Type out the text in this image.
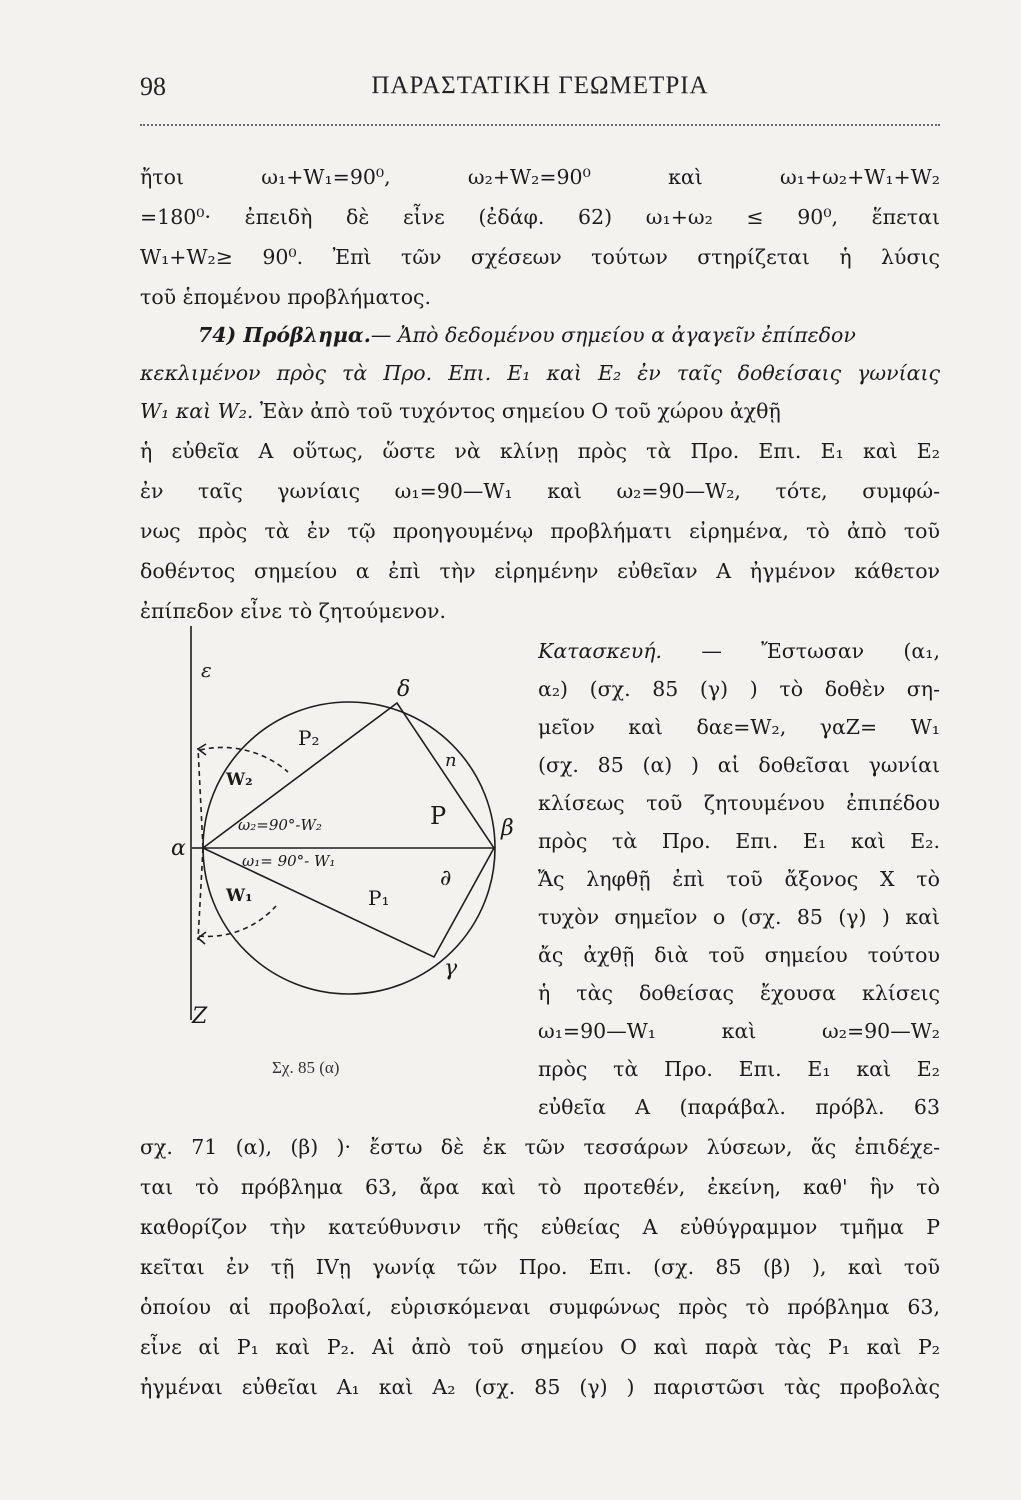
98	ΠΑΡΑΣΤΑΤΙΚΗ ΓΕΩΜΕΤΡΙΑ
ἤτοι ω₁+W₁=90⁰, ω₂+W₂=90⁰ καὶ ω₁+ω₂+W₁+W₂
=180⁰· ἐπειδὴ δὲ εἶνε (ἐδάφ. 62) ω₁+ω₂ ≤ 90⁰, ἕπεται
W₁+W₂≥ 90⁰. Ἐπὶ τῶν σχέσεων τούτων στηρίζεται ἡ λύσις
τοῦ ἑπομένου προβλήματος.
74) Πρόβλημα.— Ἀπὸ δεδομένου σημείου α ἀγαγεῖν ἐπίπεδον
κεκλιμένον πρὸς τὰ Προ. Επι. E₁ καὶ E₂ ἐν ταῖς δοθείσαις γωνίαις
W₁ καὶ W₂. Ἐὰν ἀπὸ τοῦ τυχόντος σημείου Ο τοῦ χώρου ἀχθῇ
ἡ εὐθεῖα Α οὕτως, ὥστε νὰ κλίνῃ πρὸς τὰ Προ. Επι. E₁ καὶ E₂
ἐν ταῖς γωνίαις ω₁=90—W₁ καὶ ω₂=90—W₂, τότε, συμφώ-
νως πρὸς τὰ ἐν τῷ προηγουμένῳ προβλήματι εἰρημένα, τὸ ἀπὸ τοῦ
δοθέντος σημείου α ἐπὶ τὴν εἰρημένην εὐθεῖαν Α ἠγμένον κάθετον
ἐπίπεδον εἶνε τὸ ζητούμενον.
Κατασκευή. — Ἔστωσαν (α₁,
α₂) (σχ. 85 (γ) ) τὸ δοθὲν ση-
μεῖον καὶ δαε=W₂, γαZ= W₁
(σχ. 85 (α) ) αἱ δοθεῖσαι γωνίαι
κλίσεως τοῦ ζητουμένου ἐπιπέδου
πρὸς τὰ Προ. Επι. E₁ καὶ E₂.
Ἄς ληφθῇ ἐπὶ τοῦ ἄξονος Χ τὸ
τυχὸν σημεῖον ο (σχ. 85 (γ) ) καὶ
ἄς ἀχθῇ διὰ τοῦ σημείου τούτου
ἡ τὰς δοθείσας ἔχουσα κλίσεις
ω₁=90—W₁ καὶ ω₂=90—W₂
πρὸς τὰ Προ. Επι. E₁ καὶ E₂
εὐθεῖα Α (παράβαλ. πρόβλ. 63
ε
Z
α
δ
β
γ
P
P₂
P₁
n
∂
W₂
W₁
ω₂=90°-W₂
ω₁= 90°- W₁
Σχ. 85 (α)
σχ. 71 (α), (β) )· ἔστω δὲ ἐκ τῶν τεσσάρων λύσεων, ἅς ἐπιδέχε-
ται τὸ πρόβλημα 63, ἄρα καὶ τὸ προτεθέν, ἐκείνη, καθ' ἣν τὸ
καθορίζον τὴν κατεύθυνσιν τῆς εὐθείας Α εὐθύγραμμον τμῆμα P
κεῖται ἐν τῇ IVῃ γωνίᾳ τῶν Προ. Επι. (σχ. 85 (β) ), καὶ τοῦ
ὁποίου αἱ προβολαί, εὑρισκόμεναι συμφώνως πρὸς τὸ πρόβλημα 63,
εἶνε αἱ P₁ καὶ P₂. Αἱ ἀπὸ τοῦ σημείου Ο καὶ παρὰ τὰς P₁ καὶ P₂
ἠγμέναι εὐθεῖαι Α₁ καὶ Α₂ (σχ. 85 (γ) ) παριστῶσι τὰς προβολὰς
